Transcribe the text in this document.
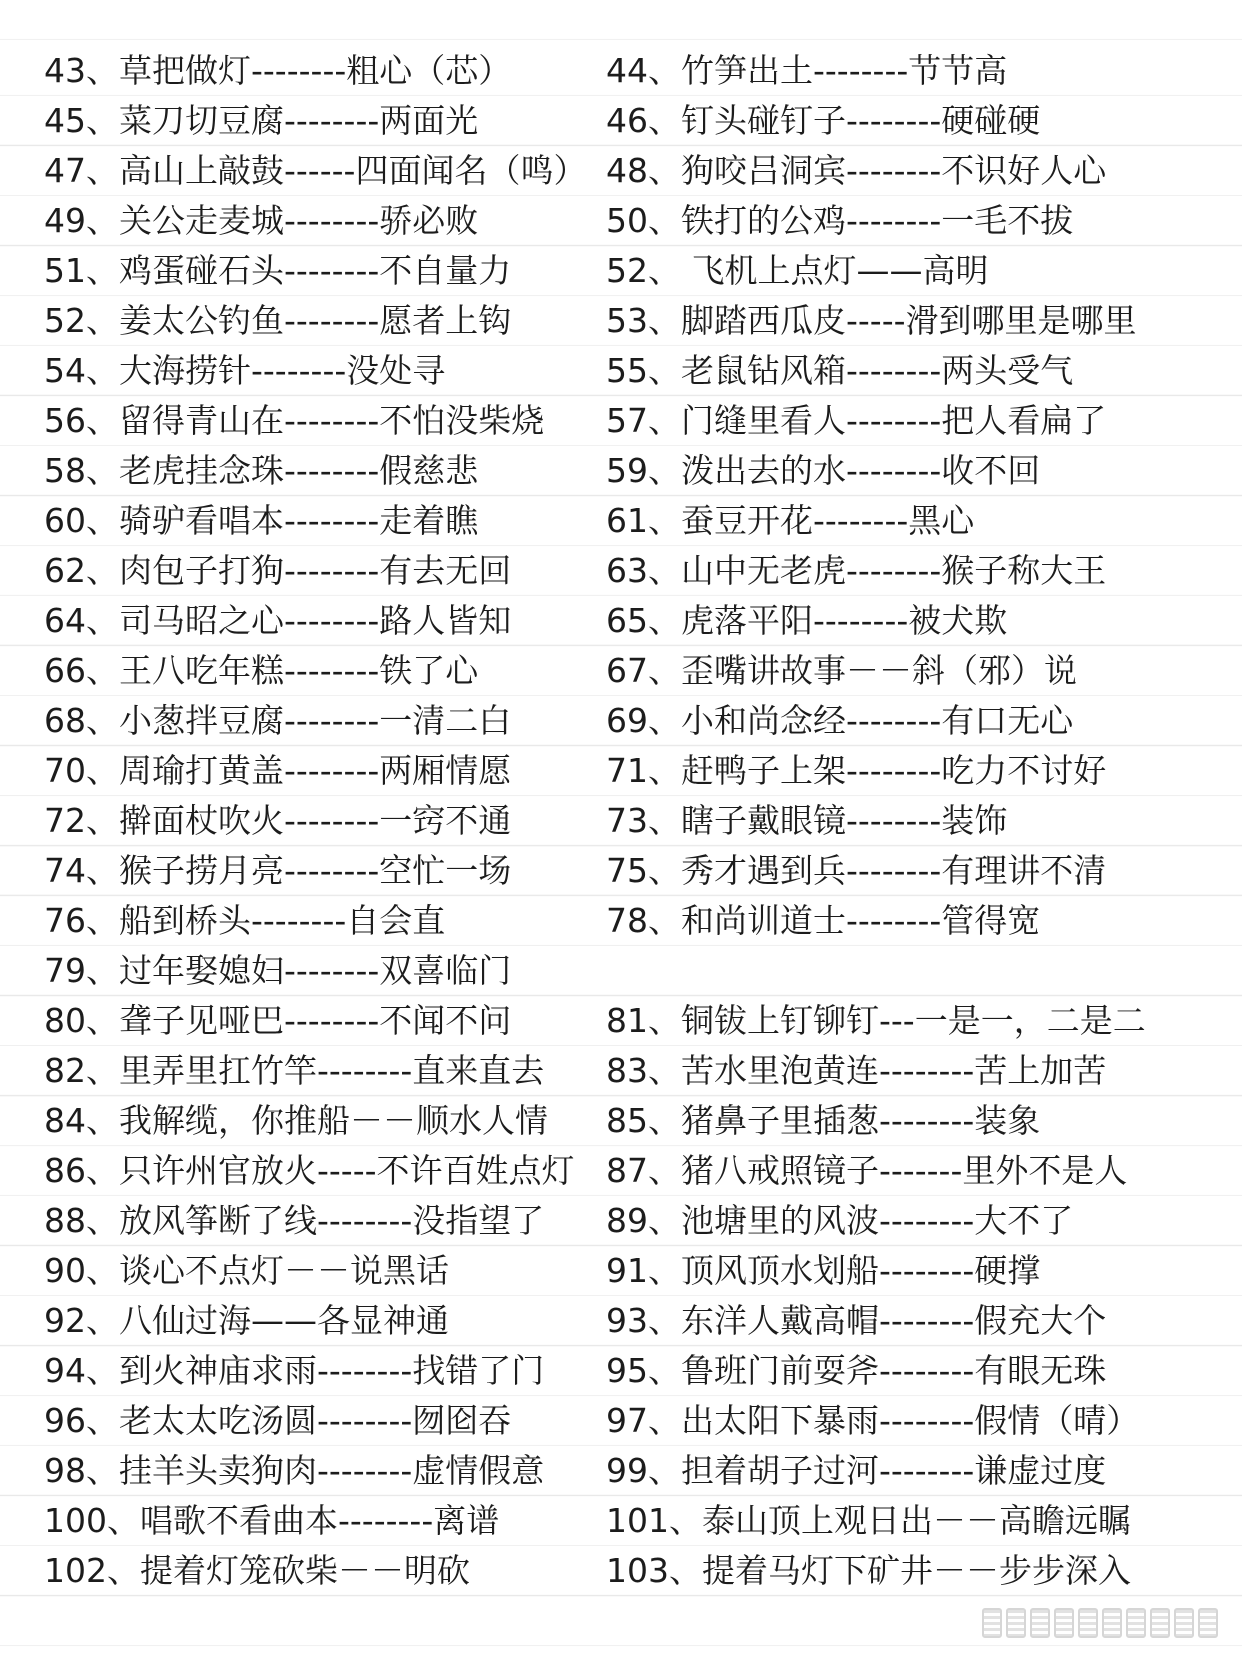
43、草把做灯--------粗心（芯）	44、竹笋出土--------节节高
45、菜刀切豆腐--------两面光	46、钉头碰钉子--------硬碰硬
47、高山上敲鼓------四面闻名（鸣） 48、狗咬吕洞宾--------不识好人心
49、关公走麦城--------骄必败	50、铁打的公鸡--------一毛不拔
51、鸡蛋碰石头--------不自量力	52、 飞机上点灯——高明
52、姜太公钓鱼--------愿者上钩	53、脚踏西瓜皮-----滑到哪里是哪里
54、大海捞针--------没处寻	55、老鼠钻风箱--------两头受气
56、留得青山在--------不怕没柴烧 57、门缝里看人--------把人看扁了
58、老虎挂念珠--------假慈悲	59、泼出去的水--------收不回
60、骑驴看唱本--------走着瞧	61、蚕豆开花--------黑心
62、肉包子打狗--------有去无回	63、山中无老虎--------猴子称大王
64、司马昭之心--------路人皆知	65、虎落平阳--------被犬欺
66、王八吃年糕--------铁了心	67、歪嘴讲故事－－斜（邪）说
68、小葱拌豆腐--------一清二白	69、小和尚念经--------有口无心
70、周瑜打黄盖--------两厢情愿	71、赶鸭子上架--------吃力不讨好
72、擀面杖吹火--------一窍不通	73、瞎子戴眼镜--------装饰
74、猴子捞月亮--------空忙一场	75、秀才遇到兵--------有理讲不清
76、船到桥头--------自会直	78、和尚训道士--------管得宽
79、过年娶媳妇--------双喜临门
80、聋子见哑巴--------不闻不问	81、铜钹上钉铆钉---一是一，二是二
82、里弄里扛竹竿--------直来直去 83、苦水里泡黄连--------苦上加苦
84、我解缆，你推船－－顺水人情 85、猪鼻子里插葱--------装象
86、只许州官放火-----不许百姓点灯 87、猪八戒照镜子-------里外不是人
88、放风筝断了线--------没指望了 89、池塘里的风波--------大不了
90、谈心不点灯－－说黑话	91、顶风顶水划船--------硬撑
92、八仙过海——各显神通	93、东洋人戴高帽--------假充大个
94、到火神庙求雨--------找错了门 95、鲁班门前耍斧--------有眼无珠
96、老太太吃汤圆--------囫囵吞	97、出太阳下暴雨--------假情（晴）
98、挂羊头卖狗肉--------虚情假意 99、担着胡子过河--------谦虚过度
100、唱歌不看曲本--------离谱	101、泰山顶上观日出－－高瞻远瞩
102、提着灯笼砍柴－－明砍	103、提着马灯下矿井－－步步深入
